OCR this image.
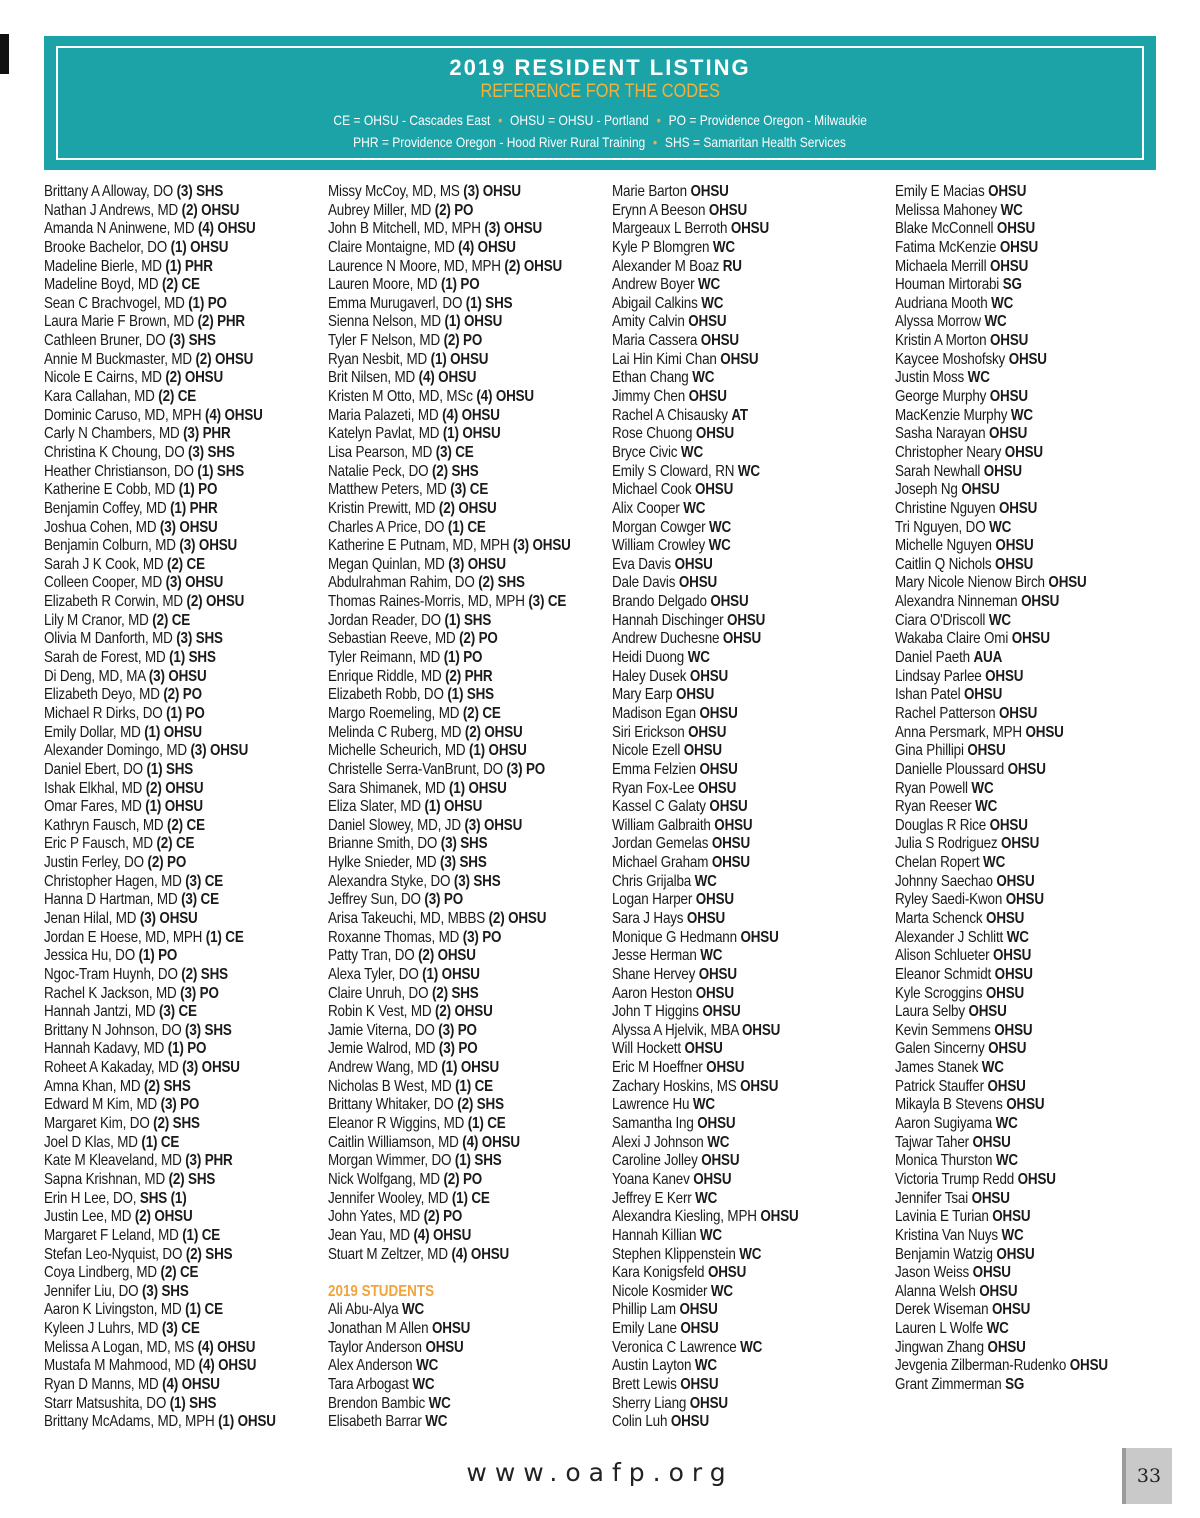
2019 RESIDENT LISTING
REFERENCE FOR THE CODES
CE = OHSU - Cascades East • OHSU = OHSU - Portland • PO = Providence Oregon - Milwaukie
PHR = Providence Oregon - Hood River Rural Training • SHS = Samaritan Health Services
Brittany A Alloway, DO (3) SHS
Nathan J Andrews, MD (2) OHSU
Amanda N Aninwene, MD (4) OHSU
Brooke Bachelor, DO (1) OHSU
Madeline Bierle, MD (1) PHR
Madeline Boyd, MD (2) CE
Sean C Brachvogel, MD (1) PO
Laura Marie F Brown, MD (2) PHR
Cathleen Bruner, DO (3) SHS
Annie M Buckmaster, MD (2) OHSU
Nicole E Cairns, MD (2) OHSU
Kara Callahan, MD (2) CE
Dominic Caruso, MD, MPH (4) OHSU
Carly N Chambers, MD (3) PHR
Christina K Choung, DO (3) SHS
Heather Christianson, DO (1) SHS
Katherine E Cobb, MD (1) PO
Benjamin Coffey, MD (1) PHR
Joshua Cohen, MD (3) OHSU
Benjamin Colburn, MD (3) OHSU
Sarah J K Cook, MD (2) CE
Colleen Cooper, MD (3) OHSU
Elizabeth R Corwin, MD (2) OHSU
Lily M Cranor, MD (2) CE
Olivia M Danforth, MD (3) SHS
Sarah de Forest, MD (1) SHS
Di Deng, MD, MA (3) OHSU
Elizabeth Deyo, MD (2) PO
Michael R Dirks, DO (1) PO
Emily Dollar, MD (1) OHSU
Alexander Domingo, MD (3) OHSU
Daniel Ebert, DO (1) SHS
Ishak Elkhal, MD (2) OHSU
Omar Fares, MD (1) OHSU
Kathryn Fausch, MD (2) CE
Eric P Fausch, MD (2) CE
Justin Ferley, DO (2) PO
Christopher Hagen, MD (3) CE
Hanna D Hartman, MD (3) CE
Jenan Hilal, MD (3) OHSU
Jordan E Hoese, MD, MPH (1) CE
Jessica Hu, DO (1) PO
Ngoc-Tram Huynh, DO (2) SHS
Rachel K Jackson, MD (3) PO
Hannah Jantzi, MD (3) CE
Brittany N Johnson, DO (3) SHS
Hannah Kadavy, MD (1) PO
Roheet A Kakaday, MD (3) OHSU
Amna Khan, MD (2) SHS
Edward M Kim, MD (3) PO
Margaret Kim, DO (2) SHS
Joel D Klas, MD (1) CE
Kate M Kleaveland, MD (3) PHR
Sapna Krishnan, MD (2) SHS
Erin H Lee, DO, SHS (1)
Justin Lee, MD (2) OHSU
Margaret F Leland, MD (1) CE
Stefan Leo-Nyquist, DO (2) SHS
Coya Lindberg, MD (2) CE
Jennifer Liu, DO (3) SHS
Aaron K Livingston, MD (1) CE
Kyleen J Luhrs, MD (3) CE
Melissa A Logan, MD, MS (4) OHSU
Mustafa M Mahmood, MD (4) OHSU
Ryan D Manns, MD (4) OHSU
Starr Matsushita, DO (1) SHS
Brittany McAdams, MD, MPH (1) OHSU
Missy McCoy, MD, MS (3) OHSU
Aubrey Miller, MD (2) PO
John B Mitchell, MD, MPH (3) OHSU
Claire Montaigne, MD (4) OHSU
Laurence N Moore, MD, MPH (2) OHSU
Lauren Moore, MD (1) PO
Emma Murugaverl, DO (1) SHS
Sienna Nelson, MD (1) OHSU
Tyler F Nelson, MD (2) PO
Ryan Nesbit, MD (1) OHSU
Brit Nilsen, MD (4) OHSU
Kristen M Otto, MD, MSc (4) OHSU
Maria Palazeti, MD (4) OHSU
Katelyn Pavlat, MD (1) OHSU
Lisa Pearson, MD (3) CE
Natalie Peck, DO (2) SHS
Matthew Peters, MD (3) CE
Kristin Prewitt, MD (2) OHSU
Charles A Price, DO (1) CE
Katherine E Putnam, MD, MPH (3) OHSU
Megan Quinlan, MD (3) OHSU
Abdulrahman Rahim, DO (2) SHS
Thomas Raines-Morris, MD, MPH (3) CE
Jordan Reader, DO (1) SHS
Sebastian Reeve, MD (2) PO
Tyler Reimann, MD (1) PO
Enrique Riddle, MD (2) PHR
Elizabeth Robb, DO (1) SHS
Margo Roemeling, MD (2) CE
Melinda C Ruberg, MD (2) OHSU
Michelle Scheurich, MD (1) OHSU
Christelle Serra-VanBrunt, DO (3) PO
Sara Shimanek, MD (1) OHSU
Eliza Slater, MD (1) OHSU
Daniel Slowey, MD, JD (3) OHSU
Brianne Smith, DO (3) SHS
Hylke Snieder, MD (3) SHS
Alexandra Styke, DO (3) SHS
Jeffrey Sun, DO (3) PO
Arisa Takeuchi, MD, MBBS (2) OHSU
Roxanne Thomas, MD (3) PO
Patty Tran, DO (2) OHSU
Alexa Tyler, DO (1) OHSU
Claire Unruh, DO (2) SHS
Robin K Vest, MD (2) OHSU
Jamie Viterna, DO (3) PO
Jemie Walrod, MD (3) PO
Andrew Wang, MD (1) OHSU
Nicholas B West, MD (1) CE
Brittany Whitaker, DO (2) SHS
Eleanor R Wiggins, MD (1) CE
Caitlin Williamson, MD (4) OHSU
Morgan Wimmer, DO (1) SHS
Nick Wolfgang, MD (2) PO
Jennifer Wooley, MD (1) CE
John Yates, MD (2) PO
Jean Yau, MD (4) OHSU
Stuart M Zeltzer, MD (4) OHSU
2019 STUDENTS
Ali Abu-Alya WC
Jonathan M Allen OHSU
Taylor Anderson OHSU
Alex Anderson WC
Tara Arbogast WC
Brendon Bambic WC
Elisabeth Barrar WC
Marie Barton OHSU
Erynn A Beeson OHSU
Margeaux L Berroth OHSU
Kyle P Blomgren WC
Alexander M Boaz RU
Andrew Boyer WC
Abigail Calkins WC
Amity Calvin OHSU
Maria Cassera OHSU
Lai Hin Kimi Chan OHSU
Ethan Chang WC
Jimmy Chen OHSU
Rachel A Chisausky AT
Rose Chuong OHSU
Bryce Civic WC
Emily S Cloward, RN WC
Michael Cook OHSU
Alix Cooper WC
Morgan Cowger WC
William Crowley WC
Eva Davis OHSU
Dale Davis OHSU
Brando Delgado OHSU
Hannah Dischinger OHSU
Andrew Duchesne OHSU
Heidi Duong WC
Haley Dusek OHSU
Mary Earp OHSU
Madison Egan OHSU
Siri Erickson OHSU
Nicole Ezell OHSU
Emma Felzien OHSU
Ryan Fox-Lee OHSU
Kassel C Galaty OHSU
William Galbraith OHSU
Jordan Gemelas OHSU
Michael Graham OHSU
Chris Grijalba WC
Logan Harper OHSU
Sara J Hays OHSU
Monique G Hedmann OHSU
Jesse Herman WC
Shane Hervey OHSU
Aaron Heston OHSU
John T Higgins OHSU
Alyssa A Hjelvik, MBA OHSU
Will Hockett OHSU
Eric M Hoeffner OHSU
Zachary Hoskins, MS OHSU
Lawrence Hu WC
Samantha Ing OHSU
Alexi J Johnson WC
Caroline Jolley OHSU
Yoana Kanev OHSU
Jeffrey E Kerr WC
Alexandra Kiesling, MPH OHSU
Hannah Killian WC
Stephen Klippenstein WC
Kara Konigsfeld OHSU
Nicole Kosmider WC
Phillip Lam OHSU
Emily Lane OHSU
Veronica C Lawrence WC
Austin Layton WC
Brett Lewis OHSU
Sherry Liang OHSU
Colin Luh OHSU
Emily E Macias OHSU
Melissa Mahoney WC
Blake McConnell OHSU
Fatima McKenzie OHSU
Michaela Merrill OHSU
Houman Mirtorabi SG
Audriana Mooth WC
Alyssa Morrow WC
Kristin A Morton OHSU
Kaycee Moshofsky OHSU
Justin Moss WC
George Murphy OHSU
MacKenzie Murphy WC
Sasha Narayan OHSU
Christopher Neary OHSU
Sarah Newhall OHSU
Joseph Ng OHSU
Christine Nguyen OHSU
Tri Nguyen, DO WC
Michelle Nguyen OHSU
Caitlin Q Nichols OHSU
Mary Nicole Nienow Birch OHSU
Alexandra Ninneman OHSU
Ciara O'Driscoll WC
Wakaba Claire Omi OHSU
Daniel Paeth AUA
Lindsay Parlee OHSU
Ishan Patel OHSU
Rachel Patterson OHSU
Anna Persmark, MPH OHSU
Gina Phillipi OHSU
Danielle Ploussard OHSU
Ryan Powell WC
Ryan Reeser WC
Douglas R Rice OHSU
Julia S Rodriguez OHSU
Chelan Ropert WC
Johnny Saechao OHSU
Ryley Saedi-Kwon OHSU
Marta Schenck OHSU
Alexander J Schlitt WC
Alison Schlueter OHSU
Eleanor Schmidt OHSU
Kyle Scroggins OHSU
Laura Selby OHSU
Kevin Semmens OHSU
Galen Sincerny OHSU
James Stanek WC
Patrick Stauffer OHSU
Mikayla B Stevens OHSU
Aaron Sugiyama WC
Tajwar Taher OHSU
Monica Thurston WC
Victoria Trump Redd OHSU
Jennifer Tsai OHSU
Lavinia E Turian OHSU
Kristina Van Nuys WC
Benjamin Watzig OHSU
Jason Weiss OHSU
Alanna Welsh OHSU
Derek Wiseman OHSU
Lauren L Wolfe WC
Jingwan Zhang OHSU
Jevgenia Zilberman-Rudenko OHSU
Grant Zimmerman SG
www.oafp.org	33
